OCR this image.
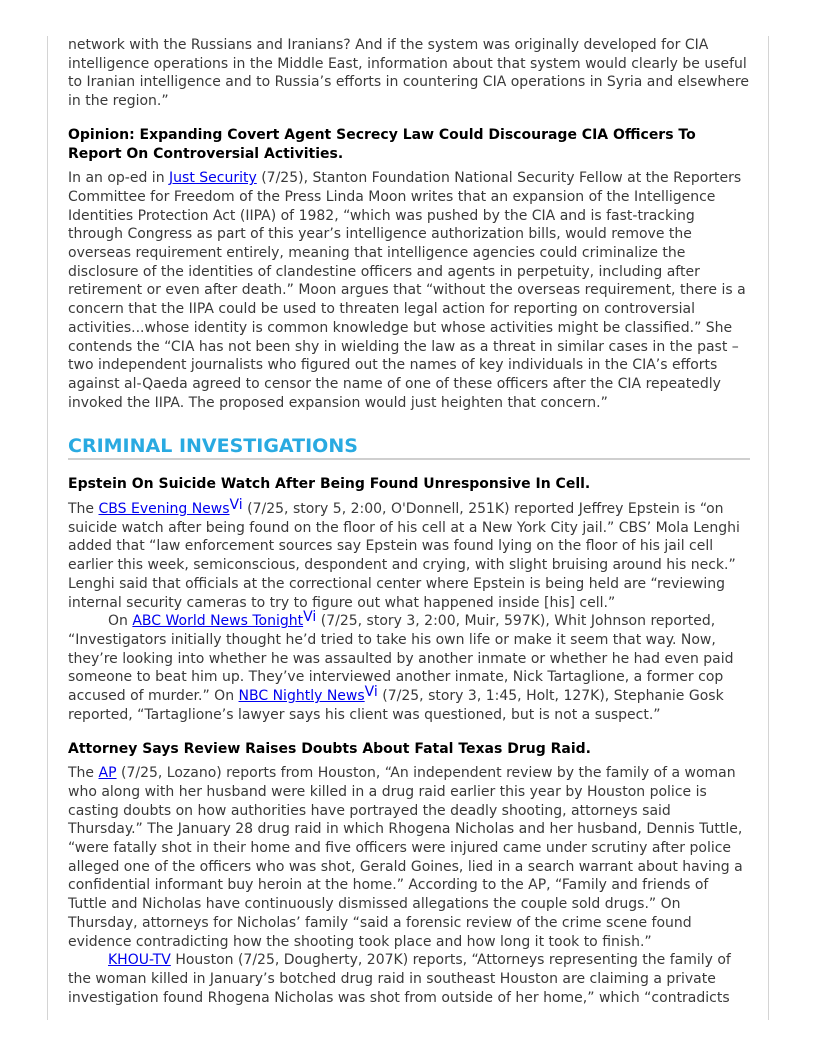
network with the Russians and Iranians? And if the system was originally developed for CIA intelligence operations in the Middle East, information about that system would clearly be useful to Iranian intelligence and to Russia’s efforts in countering CIA operations in Syria and elsewhere in the region.”

Opinion: Expanding Covert Agent Secrecy Law Could Discourage CIA Officers To Report On Controversial Activities.

In an op-ed in Just Security (7/25), Stanton Foundation National Security Fellow at the Reporters Committee for Freedom of the Press Linda Moon writes that an expansion of the Intelligence Identities Protection Act (IIPA) of 1982, “which was pushed by the CIA and is fast-tracking through Congress as part of this year’s intelligence authorization bills, would remove the overseas requirement entirely, meaning that intelligence agencies could criminalize the disclosure of the identities of clandestine officers and agents in perpetuity, including after retirement or even after death.” Moon argues that “without the overseas requirement, there is a concern that the IIPA could be used to threaten legal action for reporting on controversial activities...whose identity is common knowledge but whose activities might be classified.” She contends the “CIA has not been shy in wielding the law as a threat in similar cases in the past – two independent journalists who figured out the names of key individuals in the CIA’s efforts against al-Qaeda agreed to censor the name of one of these officers after the CIA repeatedly invoked the IIPA. The proposed expansion would just heighten that concern.”

CRIMINAL INVESTIGATIONS
Epstein On Suicide Watch After Being Found Unresponsive In Cell.

The CBS Evening News$^{Vi}$ (7/25, story 5, 2:00, O'Donnell, 251K) reported Jeffrey Epstein is “on suicide watch after being found on the floor of his cell at a New York City jail.” CBS’ Mola Lenghi added that “law enforcement sources say Epstein was found lying on the floor of his jail cell earlier this week, semiconscious, despondent and crying, with slight bruising around his neck.” Lenghi said that officials at the correctional center where Epstein is being held are “reviewing internal security cameras to try to figure out what happened inside [his] cell.”

On ABC World News Tonight$^{Vi}$ (7/25, story 3, 2:00, Muir, 597K), Whit Johnson reported, “Investigators initially thought he’d tried to take his own life or make it seem that way. Now, they’re looking into whether he was assaulted by another inmate or whether he had even paid someone to beat him up. They’ve interviewed another inmate, Nick Tartaglione, a former cop accused of murder.” On NBC Nightly News$^{Vi}$ (7/25, story 3, 1:45, Holt, 127K), Stephanie Gosk reported, “Tartaglione’s lawyer says his client was questioned, but is not a suspect.”

Attorney Says Review Raises Doubts About Fatal Texas Drug Raid.

The AP (7/25, Lozano) reports from Houston, “An independent review by the family of a woman who along with her husband were killed in a drug raid earlier this year by Houston police is casting doubts on how authorities have portrayed the deadly shooting, attorneys said Thursday.” The January 28 drug raid in which Rhogena Nicholas and her husband, Dennis Tuttle, “were fatally shot in their home and five officers were injured came under scrutiny after police alleged one of the officers who was shot, Gerald Goines, lied in a search warrant about having a confidential informant buy heroin at the home.” According to the AP, “Family and friends of Tuttle and Nicholas have continuously dismissed allegations the couple sold drugs.” On Thursday, attorneys for Nicholas’ family “said a forensic review of the crime scene found evidence contradicting how the shooting took place and how long it took to finish.”

KHOU-TV Houston (7/25, Dougherty, 207K) reports, “Attorneys representing the family of the woman killed in January’s botched drug raid in southeast Houston are claiming a private investigation found Rhogena Nicholas was shot from outside of her home,” which “contradicts
